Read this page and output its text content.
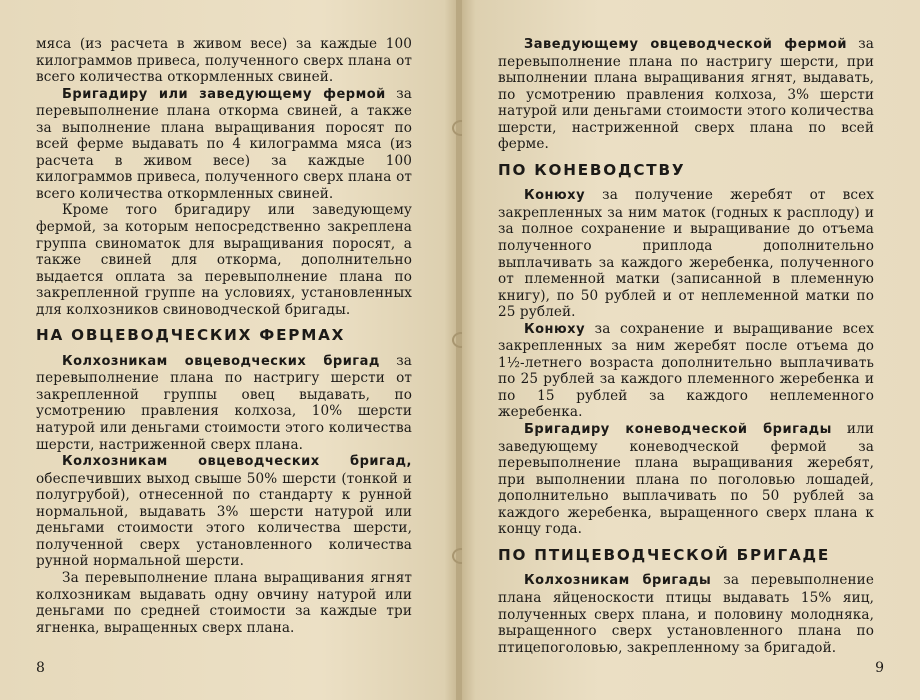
мяса (из расчета в живом весе) за каждые 100 килограммов привеса, полученного сверх плана от всего количества откормленных свиней.

Бригадиру или заведующему фермой за перевыполнение плана откорма свиней, а также за выполнение плана выращивания поросят по всей ферме выдавать по 4 килограмма мяса (из расчета в живом весе) за каждые 100 килограммов привеса, полученного сверх плана от всего количества откормленных свиней.

Кроме того бригадиру или заведующему фермой, за которым непосредственно закреплена группа свиноматок для выращивания поросят, а также свиней для откорма, дополнительно выдается оплата за перевыполнение плана по закрепленной группе на условиях, установленных для колхозников свиноводческой бригады.

НА ОВЦЕВОДЧЕСКИХ ФЕРМАХ

Колхозникам овцеводческих бригад за перевыполнение плана по настригу шерсти от закрепленной группы овец выдавать, по усмотрению правления колхоза, 10% шерсти натурой или деньгами стоимости этого количества шерсти, настриженной сверх плана.

Колхозникам овцеводческих бригад, обеспечивших выход свыше 50% шерсти (тонкой и полугрубой), отнесенной по стандарту к рунной нормальной, выдавать 3% шерсти натурой или деньгами стоимости этого количества шерсти, полученной сверх установленного количества рунной нормальной шерсти.

За перевыполнение плана выращивания ягнят колхозникам выдавать одну овчину натурой или деньгами по средней стоимости за каждые три ягненка, выращенных сверх плана.

8

Заведующему овцеводческой фермой за перевыполнение плана по настригу шерсти, при выполнении плана выращивания ягнят, выдавать, по усмотрению правления колхоза, 3% шерсти натурой или деньгами стоимости этого количества шерсти, настриженной сверх плана по всей ферме.

ПО КОНЕВОДСТВУ

Конюху за получение жеребят от всех закрепленных за ним маток (годных к расплоду) и за полное сохранение и выращивание до отъема полученного приплода дополнительно выплачивать за каждого жеребенка, полученного от племенной матки (записанной в племенную книгу), по 50 рублей и от неплеменной матки по 25 рублей.

Конюху за сохранение и выращивание всех закрепленных за ним жеребят после отъема до 1½-летнего возраста дополнительно выплачивать по 25 рублей за каждого племенного жеребенка и по 15 рублей за каждого неплеменного жеребенка.

Бригадиру коневодческой бригады или заведующему коневодческой фермой за перевыполнение плана выращивания жеребят, при выполнении плана по поголовью лошадей, дополнительно выплачивать по 50 рублей за каждого жеребенка, выращенного сверх плана к концу года.

ПО ПТИЦЕВОДЧЕСКОЙ БРИГАДЕ

Колхозникам бригады за перевыполнение плана яйценоскости птицы выдавать 15% яиц, полученных сверх плана, и половину молодняка, выращенного сверх установленного плана по птицепоголовью, закрепленному за бригадой.

9
